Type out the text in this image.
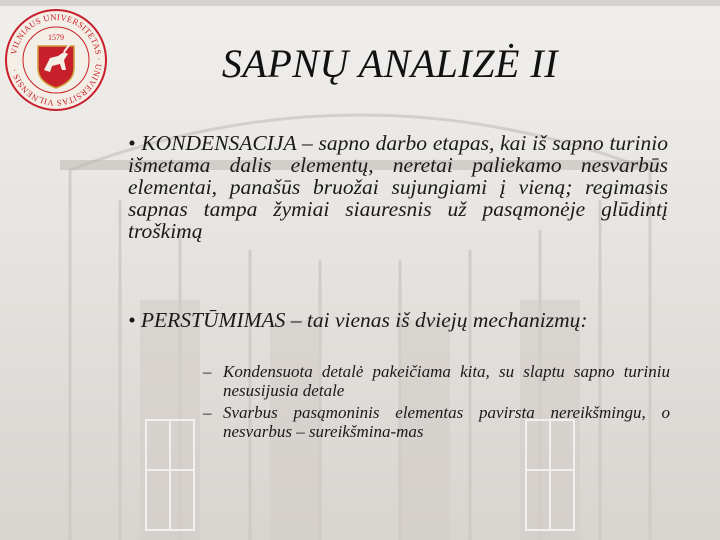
VILNIAUS UNIVERSITETAS · UNIVERSITAS VILNENSIS ·
1579
SAPNŲ ANALIZĖ II

• KONDENSACIJA – sapno darbo etapas, kai iš sapno turinio išmetama dalis elementų, neretai paliekamo nesvarbūs elementai, panašūs bruožai sujungiami į vieną; regimasis sapnas tampa žymiai siauresnis už pasąmonėje glūdintį troškimą

• PERSTŪMIMAS – tai vienas iš dviejų mechanizmų:

– Kondensuota detalė pakeičiama kita, su slaptu sapno turiniu nesusijusia detale
– Svarbus pasąmoninis elementas pavirsta nereikšmingu, o nesvarbus – sureikšmina-mas
